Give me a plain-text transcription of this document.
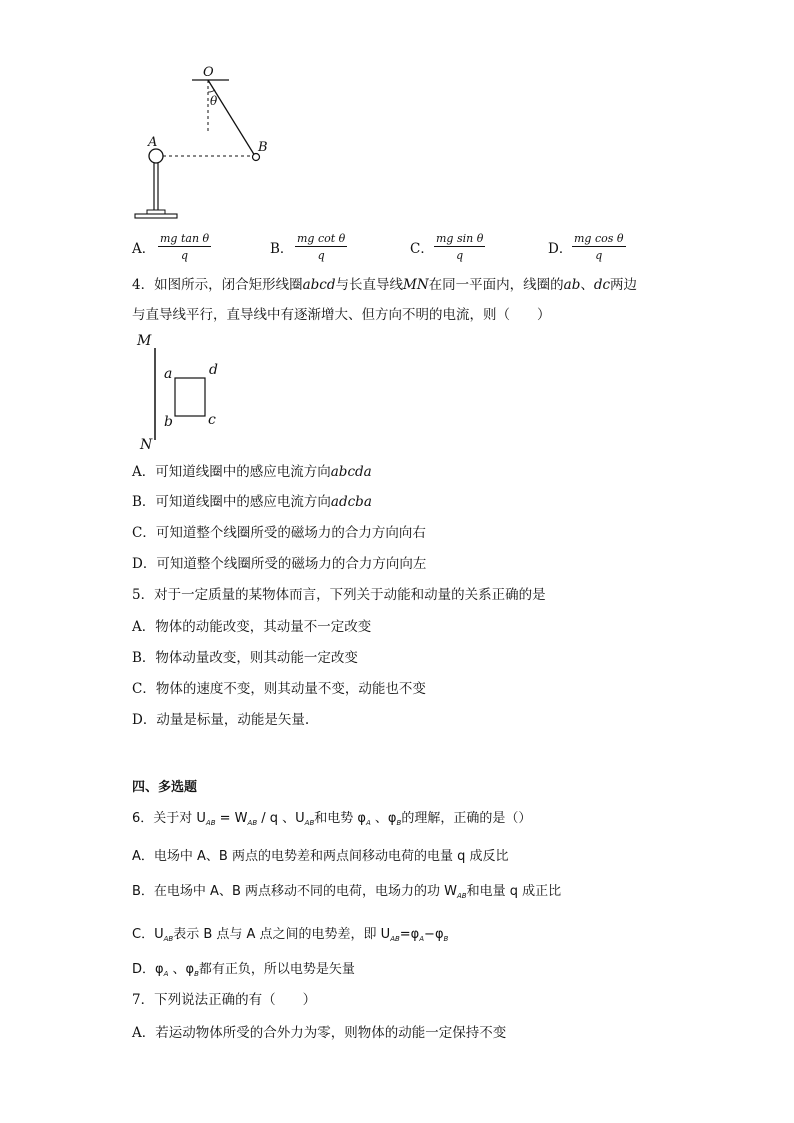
O
θ
A	B
A． $\frac{\text{mg tan θ}}{q}$	B． $\frac{\text{mg cot θ}}{q}$	C． $\frac{\text{mg sin θ}}{q}$	D． $\frac{\text{mg cos θ}}{q}$
4．如图所示，闭合矩形线圈abcd与长直导线MN在同一平面内，线圈的ab、dc两边
与直导线平行，直导线中有逐渐增大、但方向不明的电流，则（　　）
M
N
a	d
b	c
A．可知道线圈中的感应电流方向abcda
B．可知道线圈中的感应电流方向adcba
C．可知道整个线圈所受的磁场力的合力方向向右
D．可知道整个线圈所受的磁场力的合力方向向左
5．对于一定质量的某物体而言，下列关于动能和动量的关系正确的是
A．物体的动能改变，其动量不一定改变
B．物体动量改变，则其动能一定改变
C．物体的速度不变，则其动量不变，动能也不变
D．动量是标量，动能是矢量.
四、多选题
6．关于对 $U_{AB} = W_{AB} / q$ 、$U_{AB}$和电势 $\varphi_A$ 、$\varphi_B$的理解，正确的是（）
A．电场中 A、B 两点的电势差和两点间移动电荷的电量 q 成反比
B．在电场中 A、B 两点移动不同的电荷，电场力的功 $W_{AB}$和电量 q 成正比
C．$U_{AB}$表示 B 点与 A 点之间的电势差，即 $U_{AB}=\varphi_A-\varphi_B$
D．$\varphi_A$ 、$\varphi_B$都有正负，所以电势是矢量
7．下列说法正确的有（　　）
A．若运动物体所受的合外力为零，则物体的动能一定保持不变
